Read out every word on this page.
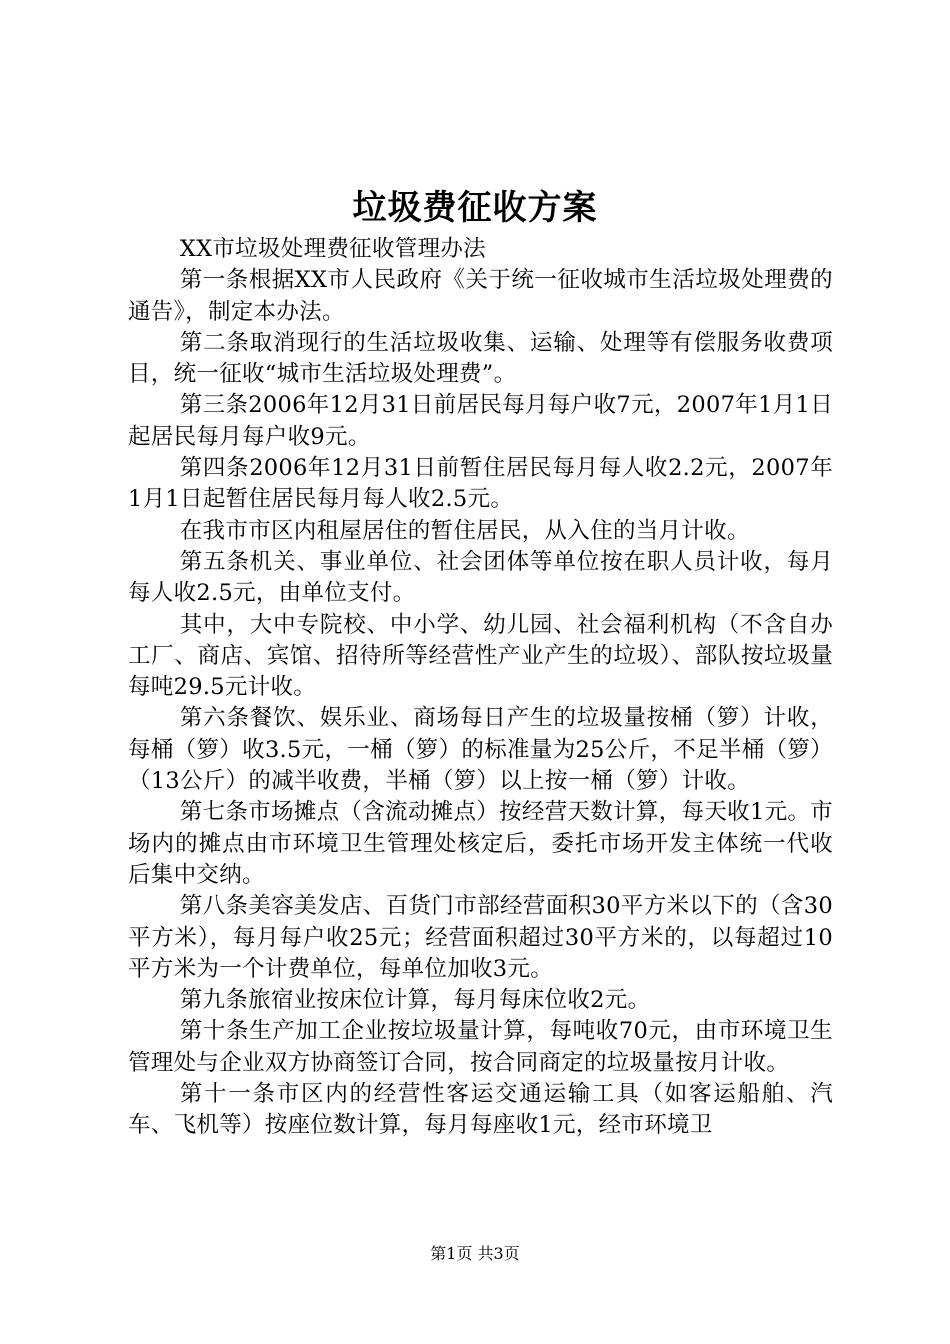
垃圾费征收方案

XX市垃圾处理费征收管理办法

第一条根据XX市人民政府《关于统一征收城市生活垃圾处理费的通告》，制定本办法。

第二条取消现行的生活垃圾收集、运输、处理等有偿服务收费项目，统一征收“城市生活垃圾处理费”。

第三条2006年12月31日前居民每月每户收7元，2007年1月1日起居民每月每户收9元。

第四条2006年12月31日前暂住居民每月每人收2.2元，2007年1月1日起暂住居民每月每人收2.5元。

在我市市区内租屋居住的暂住居民，从入住的当月计收。

第五条机关、事业单位、社会团体等单位按在职人员计收，每月每人收2.5元，由单位支付。

其中，大中专院校、中小学、幼儿园、社会福利机构（不含自办工厂、商店、宾馆、招待所等经营性产业产生的垃圾）、部队按垃圾量每吨29.5元计收。

第六条餐饮、娱乐业、商场每日产生的垃圾量按桶（箩）计收，每桶（箩）收3.5元，一桶（箩）的标准量为25公斤，不足半桶（箩）（13公斤）的减半收费，半桶（箩）以上按一桶（箩）计收。

第七条市场摊点（含流动摊点）按经营天数计算，每天收1元。市场内的摊点由市环境卫生管理处核定后，委托市场开发主体统一代收后集中交纳。

第八条美容美发店、百货门市部经营面积30平方米以下的（含30平方米），每月每户收25元；经营面积超过30平方米的，以每超过10平方米为一个计费单位，每单位加收3元。

第九条旅宿业按床位计算，每月每床位收2元。

第十条生产加工企业按垃圾量计算，每吨收70元，由市环境卫生管理处与企业双方协商签订合同，按合同商定的垃圾量按月计收。

第十一条市区内的经营性客运交通运输工具（如客运船舶、汽车、飞机等）按座位数计算，每月每座收1元，经市环境卫

第1页 共3页
